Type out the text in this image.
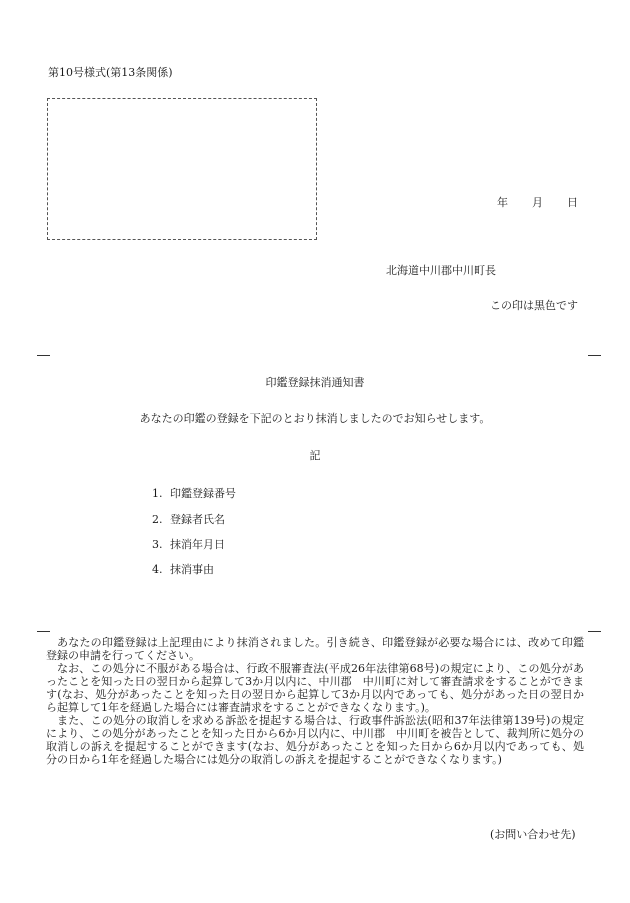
第10号様式(第13条関係)
年 月 日
北海道中川郡中川町長
この印は黒色です
印鑑登録抹消通知書
あなたの印鑑の登録を下記のとおり抹消しましたのでお知らせします。
記
1. 印鑑登録番号
2. 登録者氏名
3. 抹消年月日
4. 抹消事由

あなたの印鑑登録は上記理由により抹消されました。引き続き、印鑑登録が必要な場合には、改めて印鑑登録の申請を行ってください。

なお、この処分に不服がある場合は、行政不服審査法(平成26年法律第68号)の規定により、この処分があったことを知った日の翌日から起算して3か月以内に、中川郡　中川町に対して審査請求をすることができます(なお、処分があったことを知った日の翌日から起算して3か月以内であっても、処分があった日の翌日から起算して1年を経過した場合には審査請求をすることができなくなります。)。

また、この処分の取消しを求める訴訟を提起する場合は、行政事件訴訟法(昭和37年法律第139号)の規定により、この処分があったことを知った日から6か月以内に、中川郡　中川町を被告として、裁判所に処分の取消しの訴えを提起することができます(なお、処分があったことを知った日から6か月以内であっても、処分の日から1年を経過した場合には処分の取消しの訴えを提起することができなくなります。)

(お問い合わせ先)
